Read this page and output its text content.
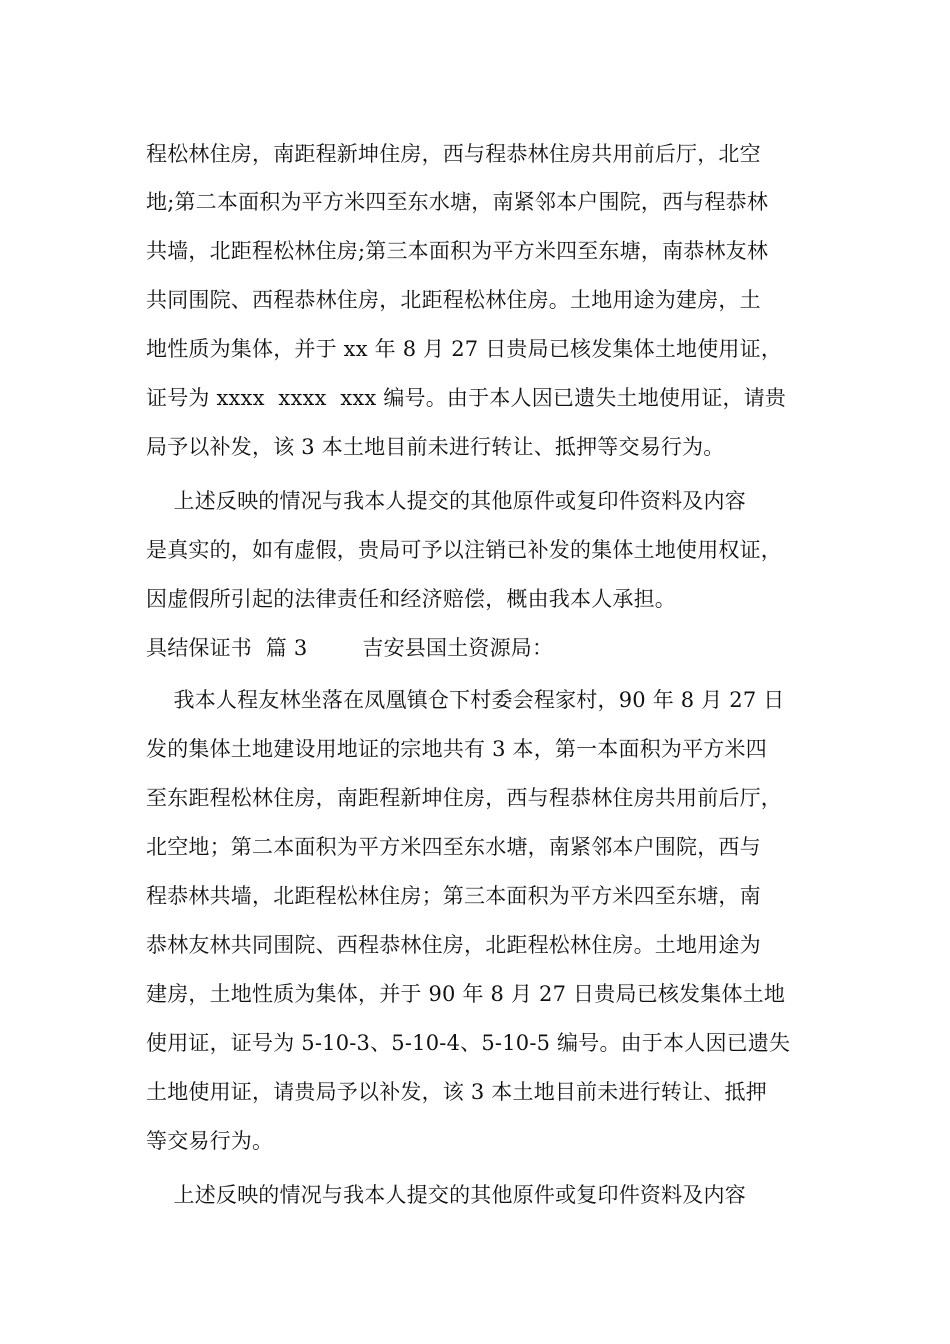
程松林住房，南距程新坤住房，西与程恭林住房共用前后厅，北空
地;第二本面积为平方米四至东水塘，南紧邻本户围院，西与程恭林
共墙，北距程松林住房;第三本面积为平方米四至东塘，南恭林友林
共同围院、西程恭林住房，北距程松林住房。土地用途为建房，土
地性质为集体，并于 xx 年 8 月 27 日贵局已核发集体土地使用证，
证号为 xxxx  xxxx  xxx 编号。由于本人因已遗失土地使用证，请贵
局予以补发，该 3 本土地目前未进行转让、抵押等交易行为。
上述反映的情况与我本人提交的其他原件或复印件资料及内容
是真实的，如有虚假，贵局可予以注销已补发的集体土地使用权证，
因虚假所引起的法律责任和经济赔偿，概由我本人承担。
具结保证书  篇 3        吉安县国土资源局：
我本人程友林坐落在凤凰镇仓下村委会程家村，90 年 8 月 27 日
发的集体土地建设用地证的宗地共有 3 本，第一本面积为平方米四
至东距程松林住房，南距程新坤住房，西与程恭林住房共用前后厅，
北空地；第二本面积为平方米四至东水塘，南紧邻本户围院，西与
程恭林共墙，北距程松林住房；第三本面积为平方米四至东塘，南
恭林友林共同围院、西程恭林住房，北距程松林住房。土地用途为
建房，土地性质为集体，并于 90 年 8 月 27 日贵局已核发集体土地
使用证，证号为 5-10-3、5-10-4、5-10-5 编号。由于本人因已遗失
土地使用证，请贵局予以补发，该 3 本土地目前未进行转让、抵押
等交易行为。
上述反映的情况与我本人提交的其他原件或复印件资料及内容
